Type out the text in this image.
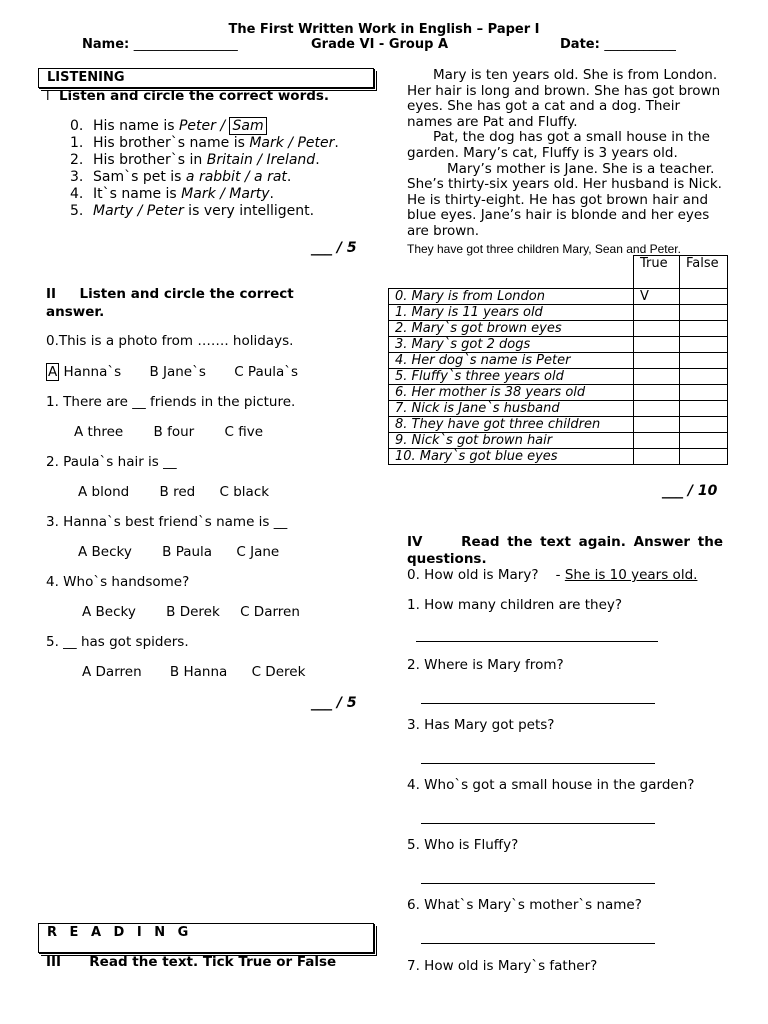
The First Written Work in English – Paper I
Name: ________________	Grade VI - Group A	Date: ___________
LISTENING
I Listen and circle the correct words.
0. His name is Peter / Sam
1. His brother`s name is Mark / Peter.
2. His brother`s in Britain / Ireland.
3. Sam`s pet is a rabbit / a rat.
4. It`s name is Mark / Marty.
5. Marty / Peter is very intelligent.
___ / 5
II Listen and circle the correct answer.
0.This is a photo from ……. holidays.
A Hanna`s B Jane`s C Paula`s
1. There are __ friends in the picture.
A three B four C five
2. Paula`s hair is __
A blond B red C black
3. Hanna`s best friend`s name is __
A Becky B Paula C Jane
4. Who`s handsome?
A Becky B Derek C Darren
5. __ has got spiders.
A Darren B Hanna C Derek
___ / 5
R E A D I N G
III Read the text. Tick True or False

Mary is ten years old. She is from London. Her hair is long and brown. She has got brown eyes. She has got a cat and a dog. Their names are Pat and Fluffy.

Pat, the dog has got a small house in the garden. Mary’s cat, Fluffy is 3 years old.

Mary’s mother is Jane. She is a teacher. She’s thirty-six years old. Her husband is Nick. He is thirty-eight. He has got brown hair and blue eyes. Jane’s hair is blonde and her eyes are brown.

They have got three children Mary, Sean and Peter.

	True	False
0. Mary is from London	V	
1. Mary is 11 years old		
2. Mary`s got brown eyes		
3. Mary`s got 2 dogs		
4. Her dog`s name is Peter		
5. Fluffy`s three years old		
6. Her mother is 38 years old		
7. Nick is Jane`s husband		
8. They have got three children		
9. Nick`s got brown hair		
10. Mary`s got blue eyes		
___ / 10
IV	Read the text again. Answer the questions.
0. How old is Mary? - She is 10 years old.
1. How many children are they?
2. Where is Mary from?
3. Has Mary got pets?
4. Who`s got a small house in the garden?
5. Who is Fluffy?
6. What`s Mary`s mother`s name?
7. How old is Mary`s father?
